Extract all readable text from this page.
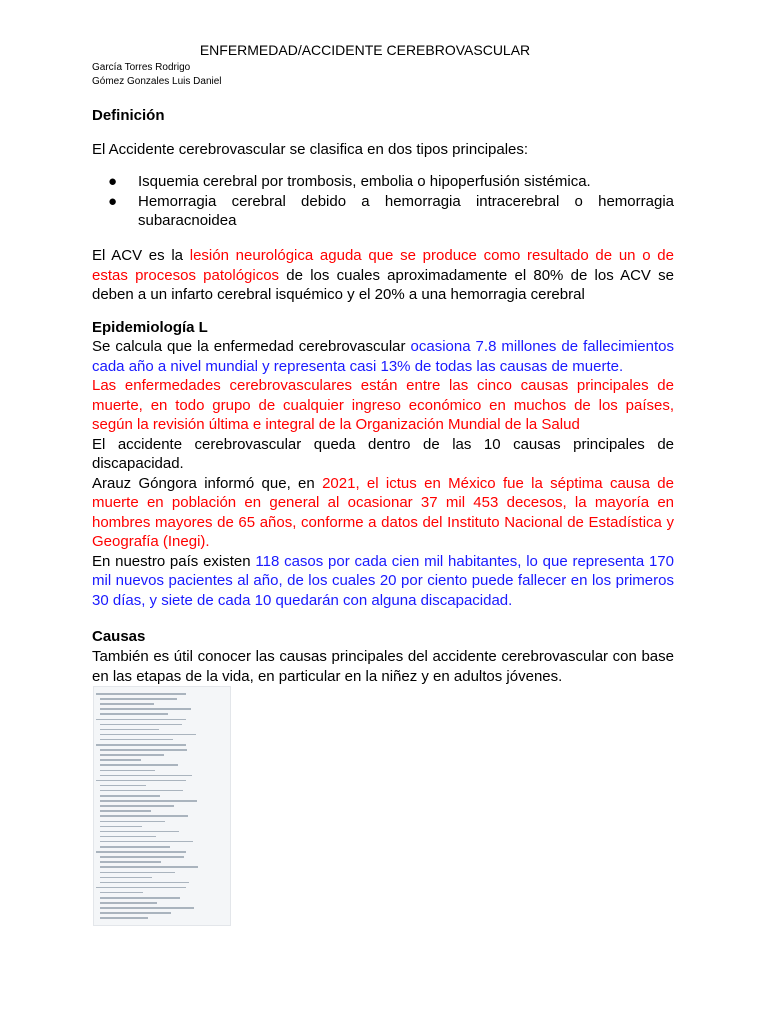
ENFERMEDAD/ACCIDENTE CEREBROVASCULAR
García Torres Rodrigo
Gómez Gonzales Luis Daniel
Definición
El Accidente cerebrovascular se clasifica en dos tipos principales:
● Isquemia cerebral por trombosis, embolia o hipoperfusión sistémica.
● Hemorragia cerebral debido a hemorragia intracerebral o hemorragia subaracnoidea
El ACV es la lesión neurológica aguda que se produce como resultado de un o de estas procesos patológicos de los cuales aproximadamente el 80% de los ACV se deben a un infarto cerebral isquémico y el 20% a una hemorragia cerebral
Epidemiología L
Se calcula que la enfermedad cerebrovascular ocasiona 7.8 millones de fallecimientos cada año a nivel mundial y representa casi 13% de todas las causas de muerte.
Las enfermedades cerebrovasculares están entre las cinco causas principales de muerte, en todo grupo de cualquier ingreso económico en muchos de los países, según la revisión última e integral de la Organización Mundial de la Salud
El accidente cerebrovascular queda dentro de las 10 causas principales de discapacidad.
Arauz Góngora informó que, en 2021, el ictus en México fue la séptima causa de muerte en población en general al ocasionar 37 mil 453 decesos, la mayoría en hombres mayores de 65 años, conforme a datos del Instituto Nacional de Estadística y Geografía (Inegi).
En nuestro país existen 118 casos por cada cien mil habitantes, lo que representa 170 mil nuevos pacientes al año, de los cuales 20 por ciento puede fallecer en los primeros 30 días, y siete de cada 10 quedarán con alguna discapacidad.
Causas
También es útil conocer las causas principales del accidente cerebrovascular con base en las etapas de la vida, en particular en la niñez y en adultos jóvenes.
